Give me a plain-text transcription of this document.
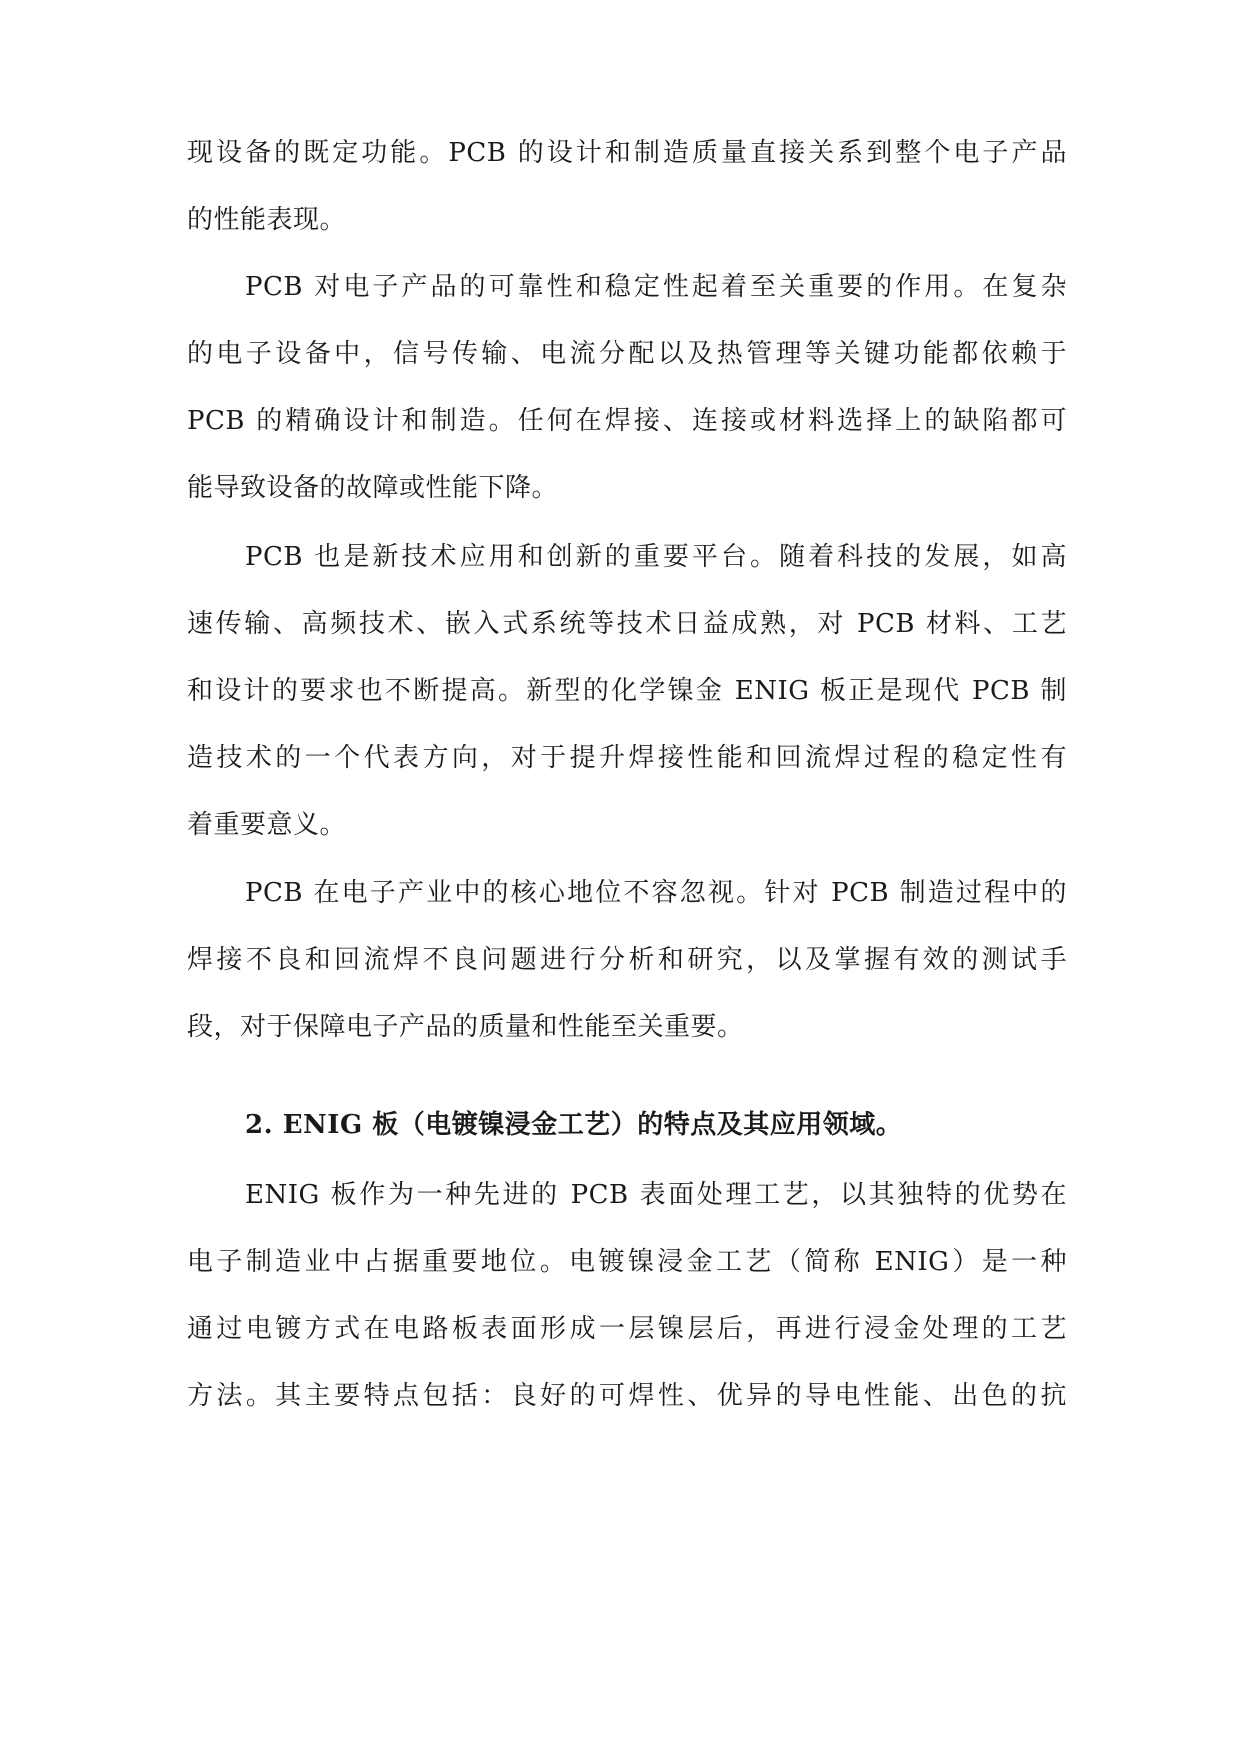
现设备的既定功能。PCB 的设计和制造质量直接关系到整个电子产品
的性能表现。
PCB 对电子产品的可靠性和稳定性起着至关重要的作用。在复杂
的电子设备中，信号传输、电流分配以及热管理等关键功能都依赖于
PCB 的精确设计和制造。任何在焊接、连接或材料选择上的缺陷都可
能导致设备的故障或性能下降。
PCB 也是新技术应用和创新的重要平台。随着科技的发展，如高
速传输、高频技术、嵌入式系统等技术日益成熟，对 PCB 材料、工艺
和设计的要求也不断提高。新型的化学镍金 ENIG 板正是现代 PCB 制
造技术的一个代表方向，对于提升焊接性能和回流焊过程的稳定性有
着重要意义。
PCB 在电子产业中的核心地位不容忽视。针对 PCB 制造过程中的
焊接不良和回流焊不良问题进行分析和研究，以及掌握有效的测试手
段，对于保障电子产品的质量和性能至关重要。
2. ENIG 板（电镀镍浸金工艺）的特点及其应用领域。
ENIG 板作为一种先进的 PCB 表面处理工艺，以其独特的优势在
电子制造业中占据重要地位。电镀镍浸金工艺（简称 ENIG）是一种
通过电镀方式在电路板表面形成一层镍层后，再进行浸金处理的工艺
方法。其主要特点包括：良好的可焊性、优异的导电性能、出色的抗
